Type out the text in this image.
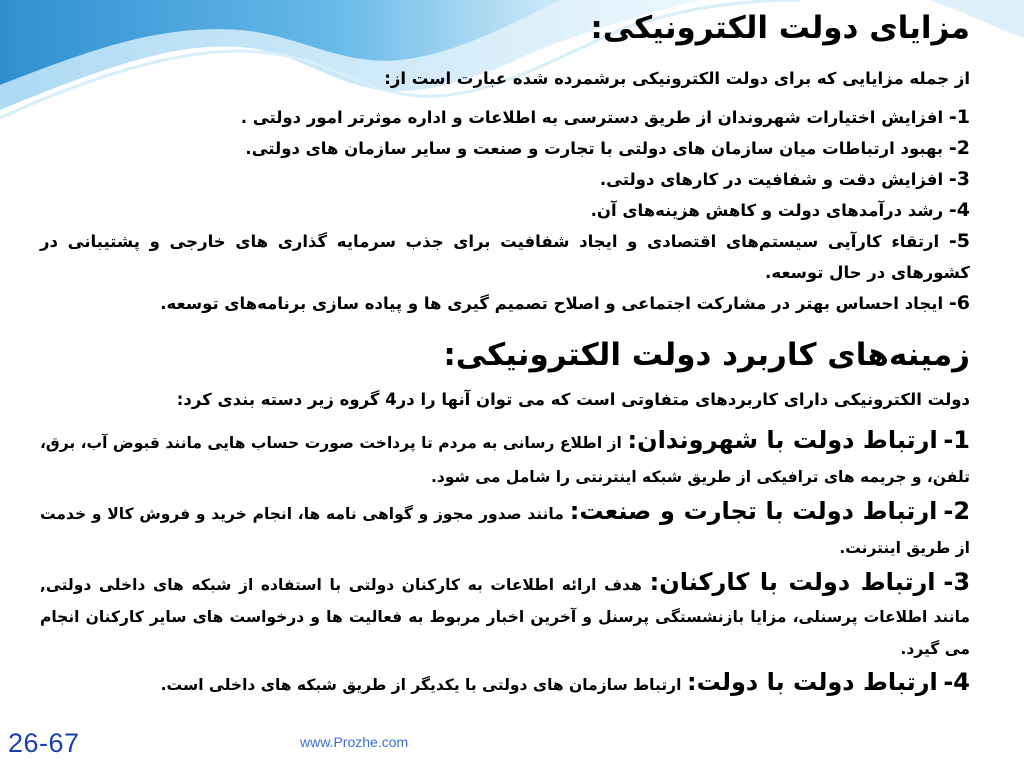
مزایای دولت الکترونیکی:
از جمله مزایایی که برای دولت الکترونیکی برشمرده شده عبارت است از:
1- افزایش اختیارات شهروندان از طریق دسترسی به اطلاعات و اداره موثرتر امور دولتی .
2- بهبود ارتباطات میان سازمان های دولتی با تجارت و صنعت و سایر سازمان های دولتی.
3- افزایش دقت و شفافیت در کارهای دولتی.
4- رشد درآمدهای دولت و کاهش هزینه‌های آن.
5- ارتقاء کارآیی سیستم‌های اقتصادی و ایجاد شفافیت برای جذب سرمایه گذاری های خارجی و پشتیبانی در کشورهای در حال توسعه.
6- ایجاد احساس بهتر در مشارکت اجتماعی و اصلاح تصمیم گیری ها و پیاده سازی برنامه‌های توسعه.
زمینه‌های کاربرد دولت الکترونیکی:
دولت الکترونیکی دارای کاربردهای متفاوتی است که می توان آنها را در4 گروه زیر دسته بندی کرد:

1- ارتباط دولت با شهروندان: از اطلاع رسانی به مردم تا پرداخت صورت حساب هایی مانند قبوض آب، برق، تلفن، و جریمه های ترافیکی از طریق شبکه اینترنتی را شامل می شود.

2- ارتباط دولت با تجارت و صنعت: مانند صدور مجوز و گواهی نامه ها، انجام خرید و فروش کالا و خدمت از طریق اینترنت.

3- ارتباط دولت با کارکنان: هدف ارائه اطلاعات به کارکنان دولتی با استفاده از شبکه های داخلی دولتی, مانند اطلاعات پرسنلی، مزایا بازنشستگی پرسنل و آخرین اخبار مربوط به فعالیت ها و درخواست های سایر کارکنان انجام می گیرد.

4- ارتباط دولت با دولت: ارتباط سازمان های دولتی با یکدیگر از طریق شبکه های داخلی است.

26-67	www.Prozhe.com
